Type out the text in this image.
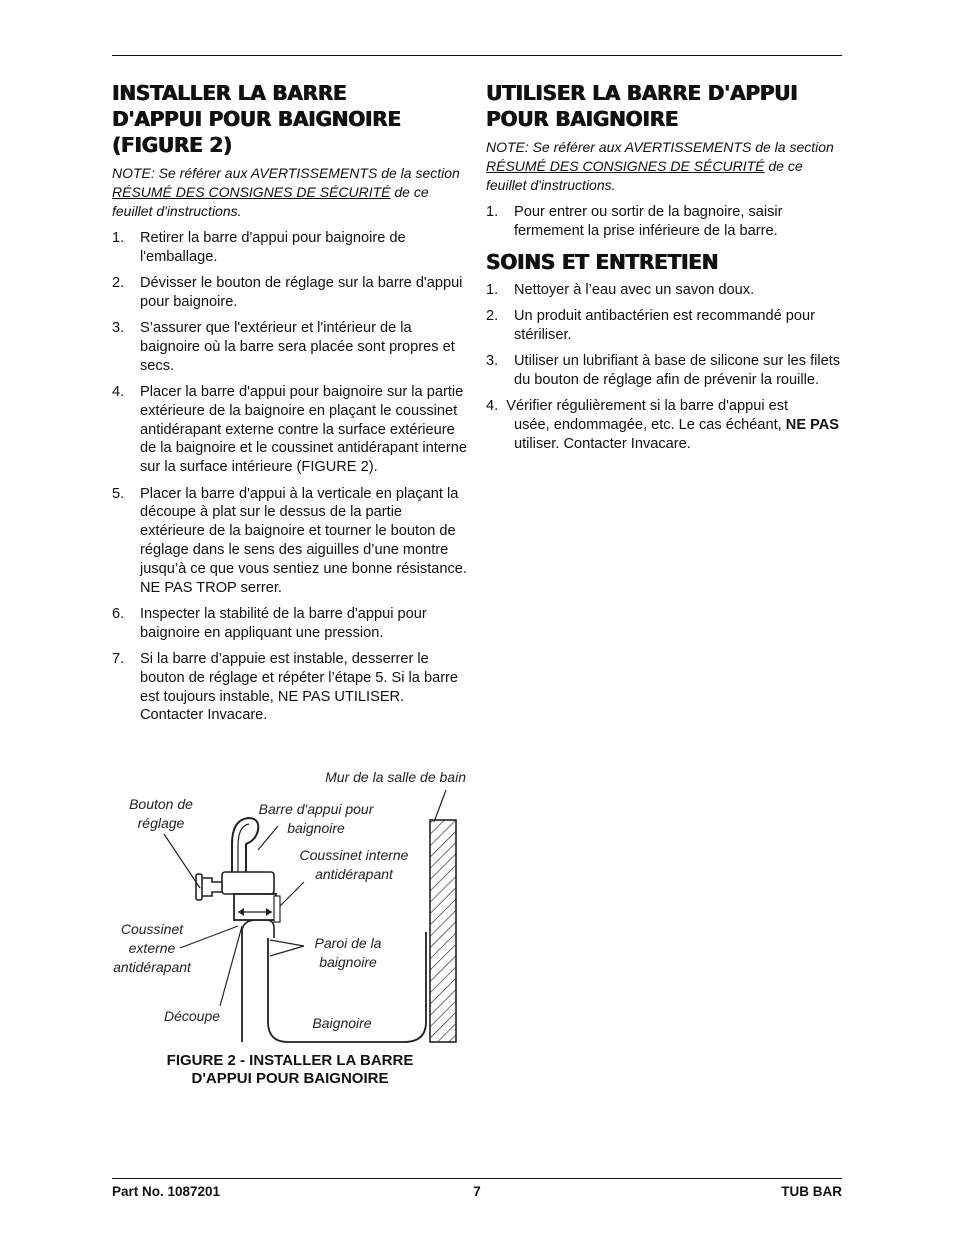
INSTALLER LA BARRE
D'APPUI POUR BAIGNOIRE
(FIGURE 2)

NOTE: Se référer aux AVERTISSEMENTS de la section RÉSUMÉ DES CONSIGNES DE SÉCURITÉ de ce feuillet d'instructions.

1. Retirer la barre d'appui pour baignoire de l'emballage.
2. Dévisser le bouton de réglage sur la barre d'appui pour baignoire.
3. S’assurer que l'extérieur et l'intérieur de la baignoire où la barre sera placée sont propres et secs.
4. Placer la barre d'appui pour baignoire sur la partie extérieure de la baignoire en plaçant le coussinet antidérapant externe contre la surface extérieure de la baignoire et le coussinet antidérapant interne sur la surface intérieure (FIGURE 2).
5. Placer la barre d'appui à la verticale en plaçant la découpe à plat sur le dessus de la partie extérieure de la baignoire et tourner le bouton de réglage dans le sens des aiguilles d’une montre jusqu’à ce que vous sentiez une bonne résistance. NE PAS TROP serrer.
6. Inspecter la stabilité de la barre d'appui pour baignoire en appliquant une pression.
7. Si la barre d’appuie est instable, desserrer le bouton de réglage et répéter l’étape 5. Si la barre est toujours instable, NE PAS UTILISER. Contacter Invacare.
UTILISER LA BARRE D'APPUI
POUR BAIGNOIRE

NOTE: Se référer aux AVERTISSEMENTS de la section RÉSUMÉ DES CONSIGNES DE SÉCURITÉ de ce feuillet d'instructions.

1. Pour entrer ou sortir de la bagnoire, saisir fermement la prise inférieure de la barre.
SOINS ET ENTRETIEN
1. Nettoyer à l’eau avec un savon doux.
2. Un produit antibactérien est recommandé pour stériliser.
3. Utiliser un lubrifiant à base de silicone sur les filets du bouton de réglage afin de prévenir la rouille.
4. Vérifier régulièrement si la barre d'appui est
usée, endommagée, etc. Le cas échéant, NE PAS utiliser. Contacter Invacare.
Mur de la salle de bain
Bouton de réglage
Barre d'appui pour baignoire
Coussinet interne antidérapant
Coussinet externe antidérapant
Paroi de la baignoire
Découpe	Baignoire
FIGURE 2 - INSTALLER LA BARRE
D'APPUI POUR BAIGNOIRE
Part No. 1087201	7	TUB BAR
